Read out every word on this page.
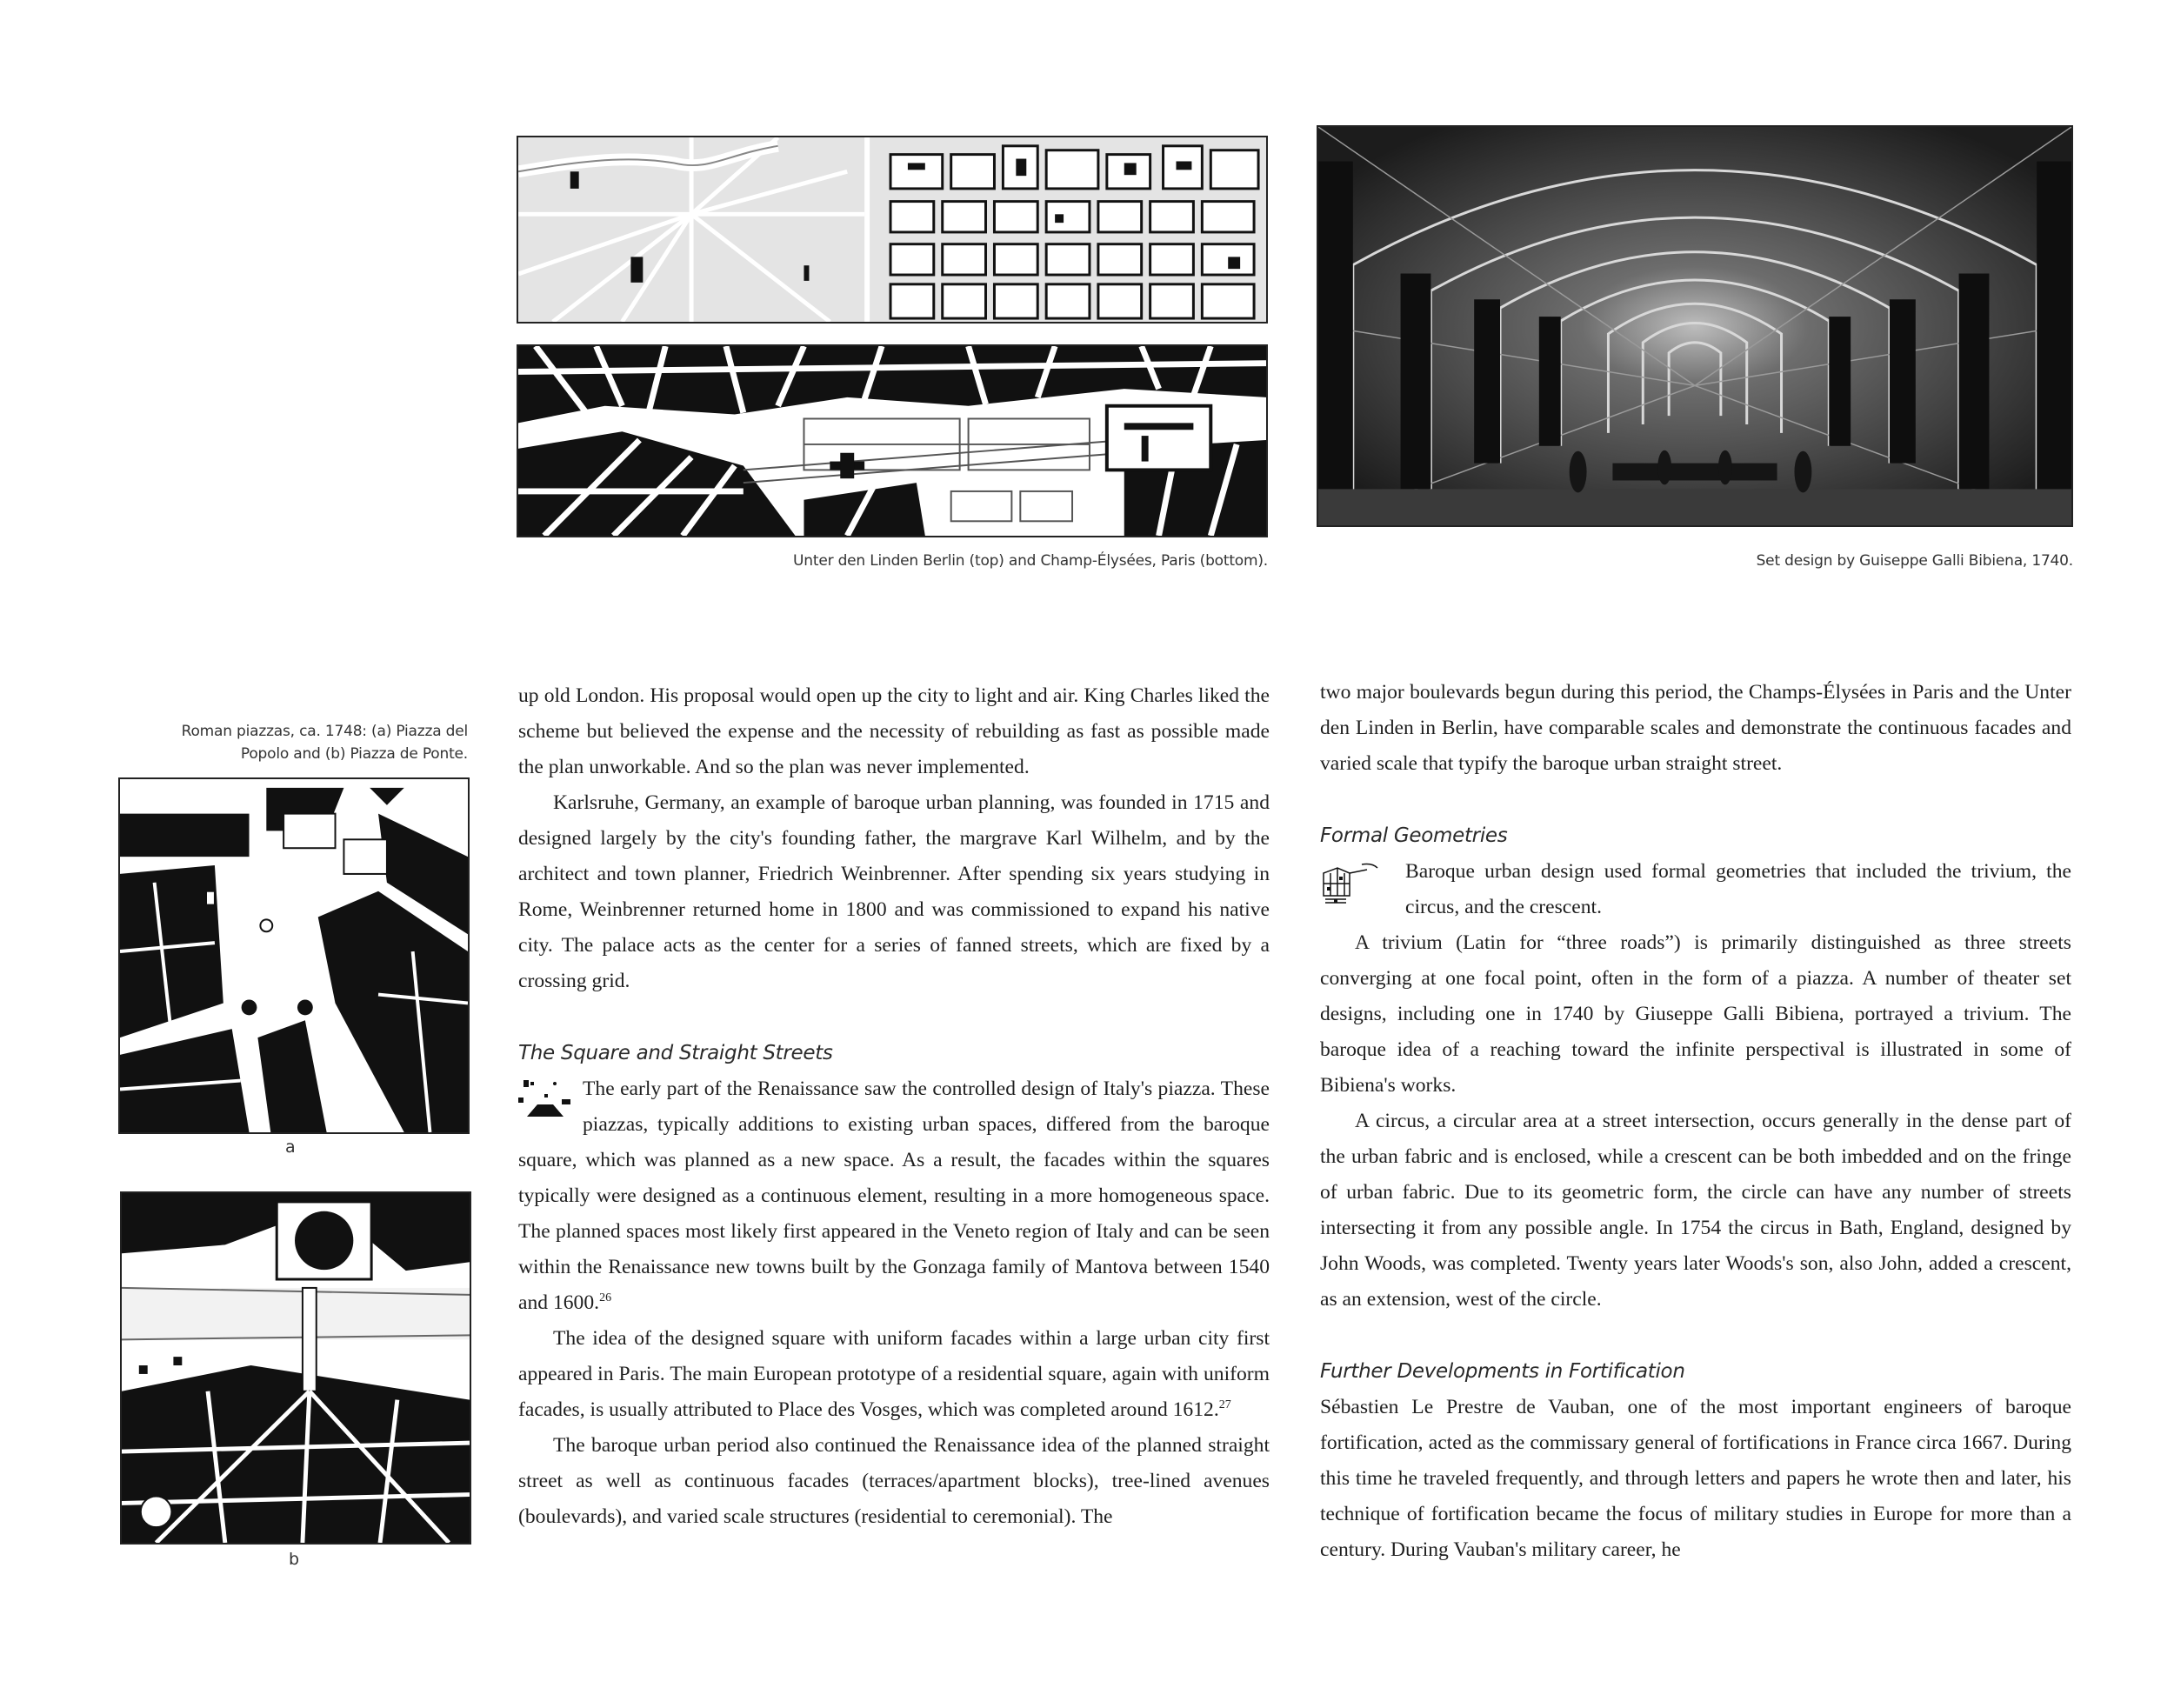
Unter den Linden Berlin (top) and Champ-Élysées, Paris (bottom).	Set design by Guiseppe Galli Bibiena, 1740.
Roman piazzas, ca. 1748: (a) Piazza del Popolo and (b) Piazza de Ponte.
a
b

up old London. His proposal would open up the city to light and air. King Charles liked the scheme but believed the expense and the necessity of rebuilding as fast as possible made the plan unworkable. And so the plan was never implemented.

Karlsruhe, Germany, an example of baroque urban planning, was founded in 1715 and designed largely by the city's founding father, the margrave Karl Wilhelm, and by the architect and town planner, Friedrich Weinbrenner. After spending six years studying in Rome, Weinbrenner returned home in 1800 and was commissioned to expand his native city. The palace acts as the center for a series of fanned streets, which are fixed by a crossing grid.

The Square and Straight Streets

The early part of the Renaissance saw the controlled design of Italy's piazza. These piazzas, typically additions to existing urban spaces, differed from the baroque square, which was planned as a new space. As a result, the facades within the squares typically were designed as a continuous element, resulting in a more homogeneous space. The planned spaces most likely first appeared in the Veneto region of Italy and can be seen within the Renaissance new towns built by the Gonzaga family of Mantova between 1540 and 1600.26

The idea of the designed square with uniform facades within a large urban city first appeared in Paris. The main European prototype of a residential square, again with uniform facades, is usually attributed to Place des Vosges, which was completed around 1612.27

The baroque urban period also continued the Renaissance idea of the planned straight street as well as continuous facades (terraces/apartment blocks), tree-lined avenues (boulevards), and varied scale structures (residential to ceremonial). The

two major boulevards begun during this period, the Champs-Élysées in Paris and the Unter den Linden in Berlin, have comparable scales and demonstrate the continuous facades and varied scale that typify the baroque urban straight street.

Formal Geometries

Baroque urban design used formal geometries that included the trivium, the circus, and the crescent.

A trivium (Latin for “three roads”) is primarily distinguished as three streets converging at one focal point, often in the form of a piazza. A number of theater set designs, including one in 1740 by Giuseppe Galli Bibiena, portrayed a trivium. The baroque idea of a reaching toward the infinite perspectival is illustrated in some of Bibiena's works.

A circus, a circular area at a street intersection, occurs generally in the dense part of the urban fabric and is enclosed, while a crescent can be both imbedded and on the fringe of urban fabric. Due to its geometric form, the circle can have any number of streets intersecting it from any possible angle. In 1754 the circus in Bath, England, designed by John Woods, was completed. Twenty years later Woods's son, also John, added a crescent, as an extension, west of the circle.

Further Developments in Fortification

Sébastien Le Prestre de Vauban, one of the most important engineers of baroque fortification, acted as the commissary general of fortifications in France circa 1667. During this time he traveled frequently, and through letters and papers he wrote then and later, his technique of fortification became the focus of military studies in Europe for more than a century. During Vauban's military career, he
